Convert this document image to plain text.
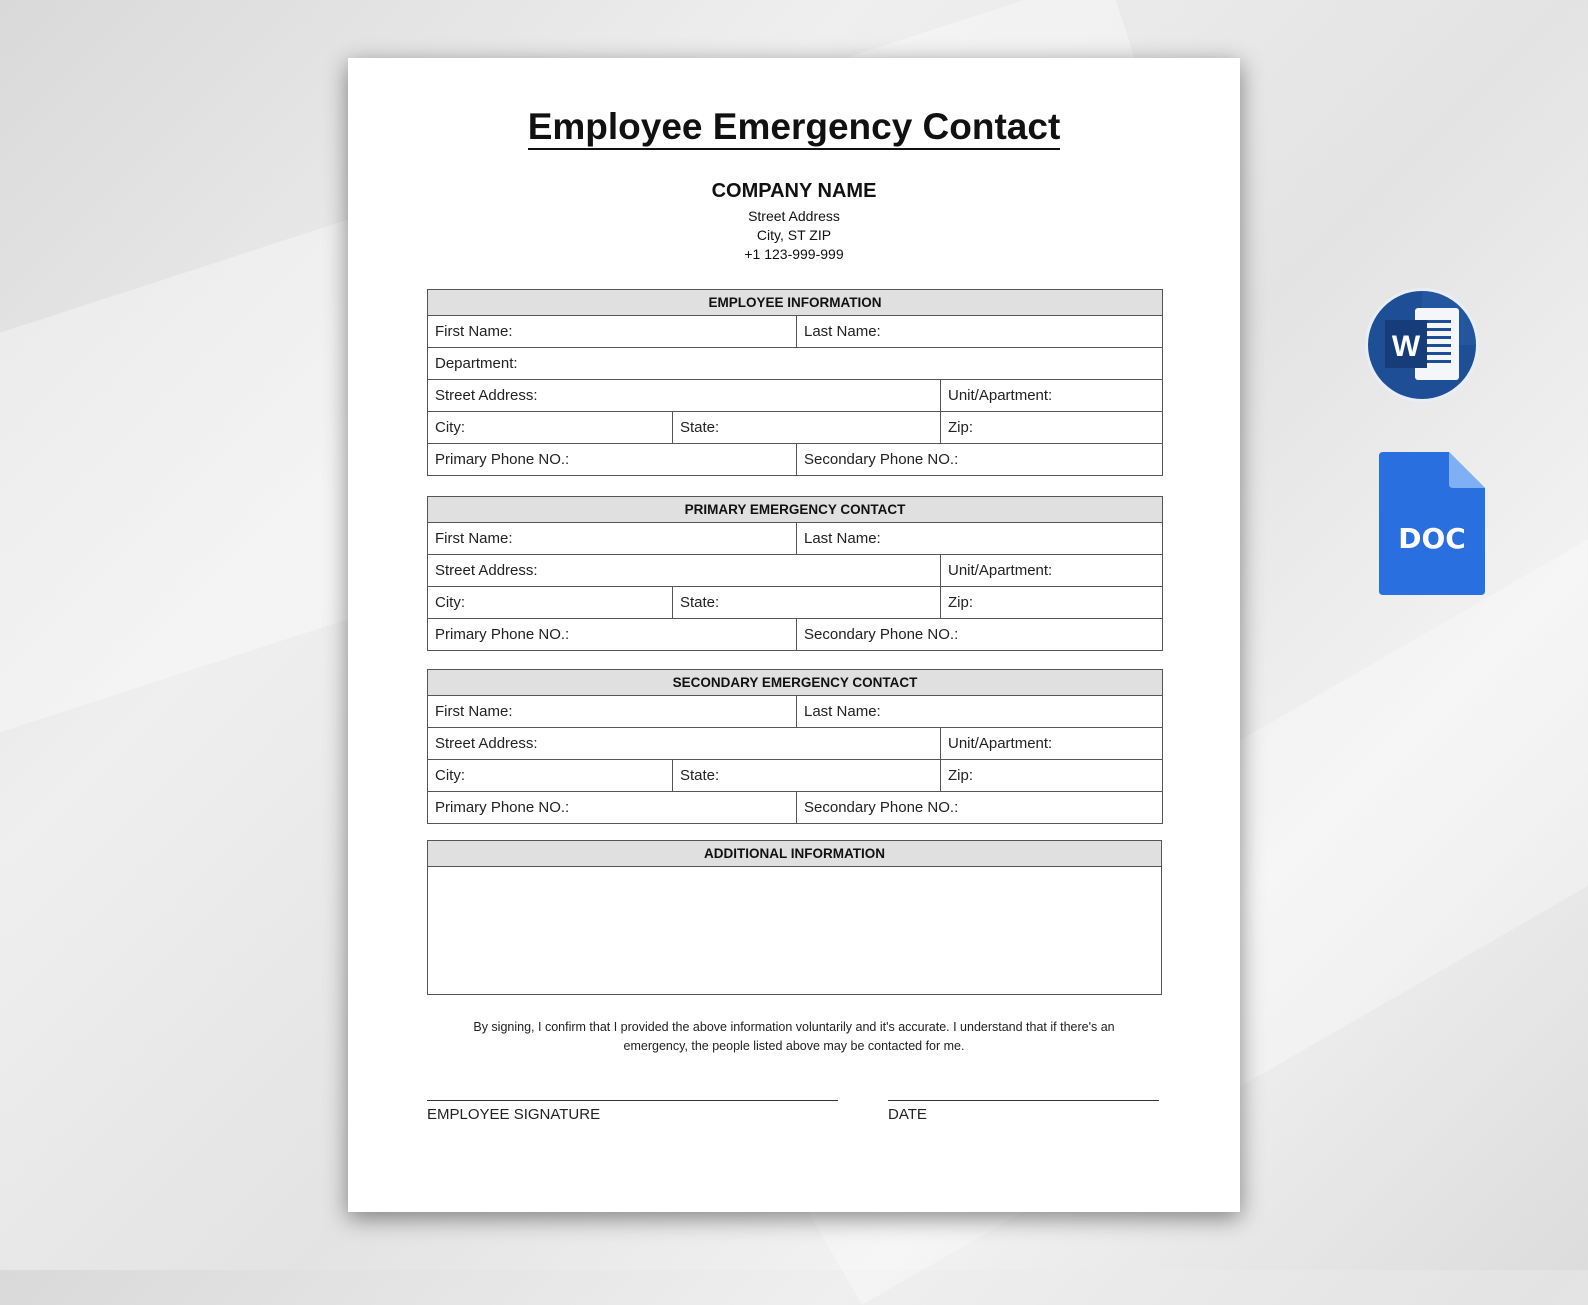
Employee Emergency Contact
COMPANY NAME
Street Address
City, ST ZIP
+1 123-999-999
EMPLOYEE INFORMATION			
First Name:		Last Name:	
Department:			
Street Address:			Unit/Apartment:
City:	State:		Zip:
Primary Phone NO.:		Secondary Phone NO.:	
PRIMARY EMERGENCY CONTACT			
First Name:		Last Name:	
Street Address:			Unit/Apartment:
City:	State:		Zip:
Primary Phone NO.:		Secondary Phone NO.:	
SECONDARY EMERGENCY CONTACT			
First Name:		Last Name:	
Street Address:			Unit/Apartment:
City:	State:		Zip:
Primary Phone NO.:		Secondary Phone NO.:	
ADDITIONAL INFORMATION

By signing, I confirm that I provided the above information voluntarily and it's accurate. I understand that if there's an
emergency, the people listed above may be contacted for me.
EMPLOYEE SIGNATURE	DATE
W
DOC
